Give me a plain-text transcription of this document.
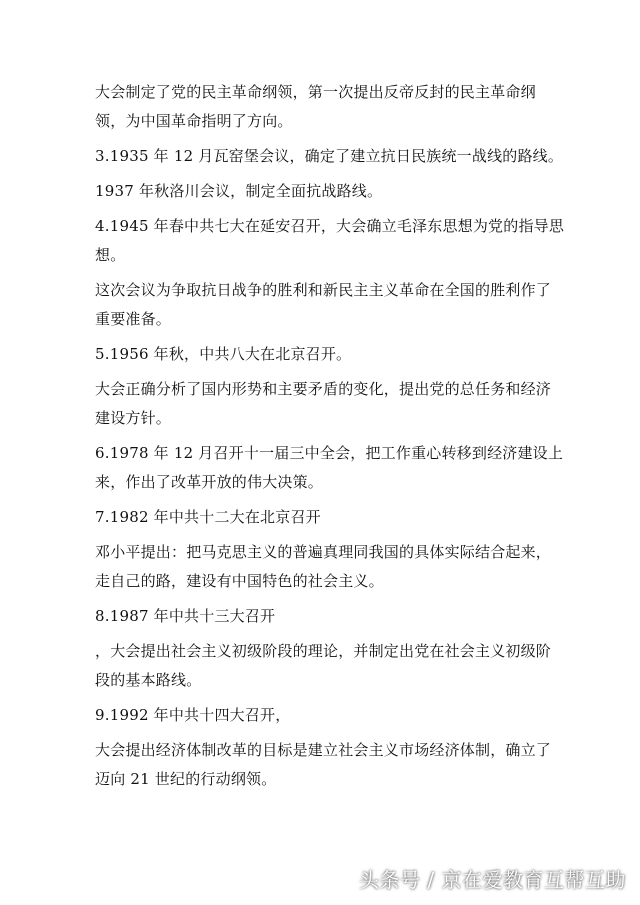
大会制定了党的民主革命纲领，第一次提出反帝反封的民主革命纲领，为中国革命指明了方向。

3.1935 年 12 月瓦窑堡会议，确定了建立抗日民族统一战线的路线。

1937 年秋洛川会议，制定全面抗战路线。

4.1945 年春中共七大在延安召开，大会确立毛泽东思想为党的指导思想。

这次会议为争取抗日战争的胜利和新民主主义革命在全国的胜利作了重要准备。

5.1956 年秋，中共八大在北京召开。

大会正确分析了国内形势和主要矛盾的变化，提出党的总任务和经济建设方针。

6.1978 年 12 月召开十一届三中全会，把工作重心转移到经济建设上来，作出了改革开放的伟大决策。

7.1982 年中共十二大在北京召开

邓小平提出：把马克思主义的普遍真理同我国的具体实际结合起来，走自己的路，建设有中国特色的社会主义。

8.1987 年中共十三大召开

，大会提出社会主义初级阶段的理论，并制定出党在社会主义初级阶段的基本路线。

9.1992 年中共十四大召开，

大会提出经济体制改革的目标是建立社会主义市场经济体制，确立了迈向 21 世纪的行动纲领。

头条号 / 京在爱教育互帮互助
